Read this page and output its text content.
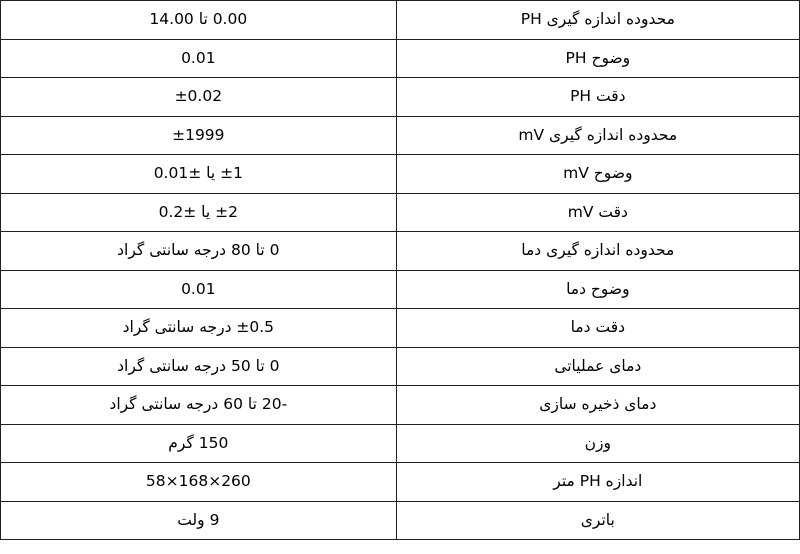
محدوده اندازه گیری PH	0.00 تا 14.00
وضوح PH	0.01
دقت PH	±0.02
محدوده اندازه گیری mV	±1999
وضوح mV	±1 یا ±0.01
دقت mV	±2 یا ±0.2
محدوده اندازه گیری دما	0 تا 80 درجه سانتی گراد
وضوح دما	0.01
دقت دما	±0.5 درجه سانتی گراد
دمای عملیاتی	0 تا 50 درجه سانتی گراد
دمای ذخیره سازی	-20 تا 60 درجه سانتی گراد
وزن	150 گرم
اندازه PH متر	260×168×58
باتری	9 ولت
